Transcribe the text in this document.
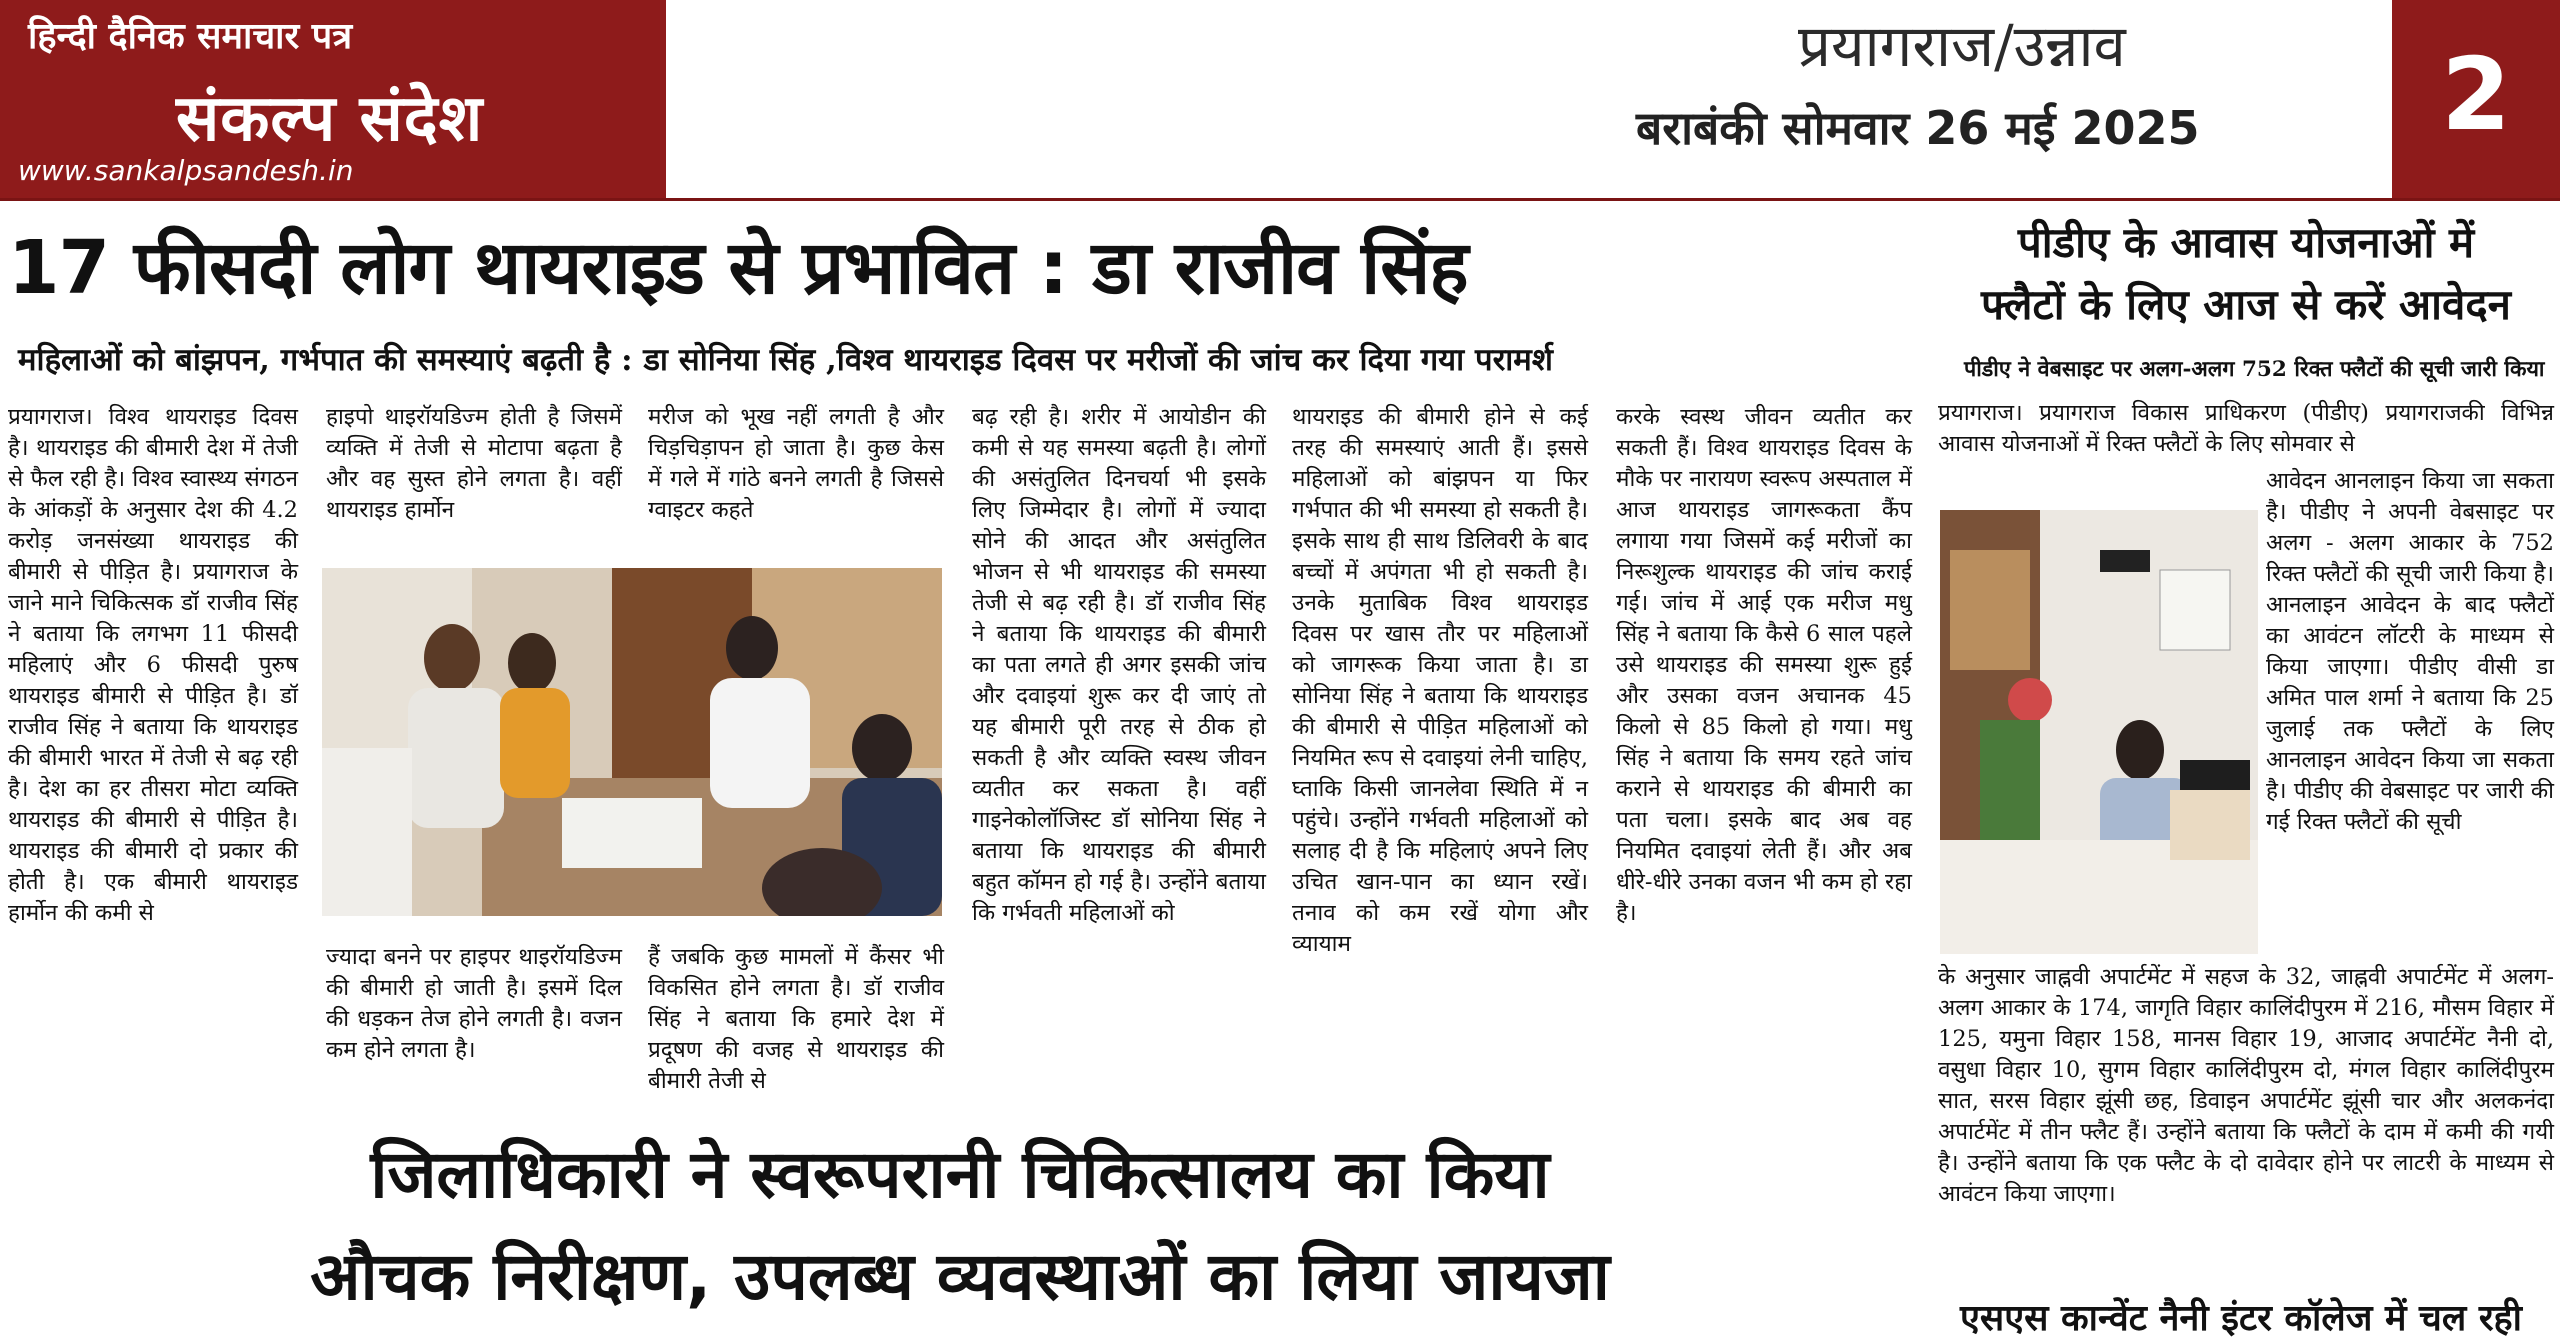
हिन्दी दैनिक समाचार पत्र
संकल्प संदेश
www.sankalpsandesh.in
प्रयागराज/उन्नाव
बराबंकी सोमवार 26 मई 2025	2
17 फीसदी लोग थायराइड से प्रभावित : डा राजीव सिंह
महिलाओं को बांझपन, गर्भपात की समस्याएं बढ़ती है : डा सोनिया सिंह ,विश्व थायराइड दिवस पर मरीजों की जांच कर दिया गया परामर्श
प्रयागराज। विश्व थायराइड दिवस है। थायराइड की बीमारी देश में तेजी से फैल रही है। विश्व स्वास्थ्य संगठन के आंकड़ों के अनुसार देश की 4.2 करोड़ जनसंख्या थायराइड की बीमारी से पीड़ित है। प्रयागराज के जाने माने चिकित्सक डॉ राजीव सिंह ने बताया कि लगभग 11 फीसदी महिलाएं और 6 फीसदी पुरुष थायराइड बीमारी से पीड़ित है। डॉ राजीव सिंह ने बताया कि थायराइड की बीमारी भारत में तेजी से बढ़ रही है। देश का हर तीसरा मोटा व्यक्ति थायराइड की बीमारी से पीड़ित है। थायराइड की बीमारी दो प्रकार की होती है। एक बीमारी थायराइड हार्मोन की कमी से
हाइपो थाइरॉयडिज्म होती है जिसमें व्यक्ति में तेजी से मोटापा बढ़ता है और वह सुस्त होने लगता है। वहीं थायराइड हार्मोन
मरीज को भूख नहीं लगती है और चिड़चिड़ापन हो जाता है। कुछ केस में गले में गांठे बनने लगती है जिससे ग्वाइटर कहते
बढ़ रही है। शरीर में आयोडीन की कमी से यह समस्या बढ़ती है। लोगों की असंतुलित दिनचर्या भी इसके लिए जिम्मेदार है। लोगों में ज्यादा सोने की आदत और असंतुलित भोजन से भी थायराइड की समस्या तेजी से बढ़ रही है। डॉ राजीव सिंह ने बताया कि थायराइड की बीमारी का पता लगते ही अगर इसकी जांच और दवाइयां शुरू कर दी जाएं तो यह बीमारी पूरी तरह से ठीक हो सकती है और व्यक्ति स्वस्थ जीवन व्यतीत कर सकता है। वहीं गाइनेकोलॉजिस्ट डॉ सोनिया सिंह ने बताया कि थायराइड की बीमारी बहुत कॉमन हो गई है। उन्होंने बताया कि गर्भवती महिलाओं को
थायराइड की बीमारी होने से कई तरह की समस्याएं आती हैं। इससे महिलाओं को बांझपन या फिर गर्भपात की भी समस्या हो सकती है। इसके साथ ही साथ डिलिवरी के बाद बच्चों में अपंगता भी हो सकती है। उनके मुताबिक विश्व थायराइड दिवस पर खास तौर पर महिलाओं को जागरूक किया जाता है। डा सोनिया सिंह ने बताया कि थायराइड की बीमारी से पीड़ित महिलाओं को नियमित रूप से दवाइयां लेनी चाहिए, घ्ताकि किसी जानलेवा स्थिति में न पहुंचे। उन्होंने गर्भवती महिलाओं को सलाह दी है कि महिलाएं अपने लिए उचित खान-पान का ध्यान रखें। तनाव को कम रखें योगा और व्यायाम
करके स्वस्थ जीवन व्यतीत कर सकती हैं। विश्व थायराइड दिवस के मौके पर नारायण स्वरूप अस्पताल में आज थायराइड जागरूकता कैंप लगाया गया जिसमें कई मरीजों का निरूशुल्क थायराइड की जांच कराई गई। जांच में आई एक मरीज मधु सिंह ने बताया कि कैसे 6 साल पहले उसे थायराइड की समस्या शुरू हुई और उसका वजन अचानक 45 किलो से 85 किलो हो गया। मधु सिंह ने बताया कि समय रहते जांच कराने से थायराइड की बीमारी का पता चला। इसके बाद अब वह नियमित दवाइयां लेती हैं। और अब धीरे-धीरे उनका वजन भी कम हो रहा है।
ज्यादा बनने पर हाइपर थाइरॉयडिज्म की बीमारी हो जाती है। इसमें दिल की धड़कन तेज होने लगती है। वजन कम होने लगता है।
हैं जबकि कुछ मामलों में कैंसर भी विकसित होने लगता है। डॉ राजीव सिंह ने बताया कि हमारे देश में प्रदूषण की वजह से थायराइड की बीमारी तेजी से
जिलाधिकारी ने स्वरूपरानी चिकित्सालय का किया
औचक निरीक्षण, उपलब्ध व्यवस्थाओं का लिया जायजा
पीडीए के आवास योजनाओं में
फ्लैटों के लिए आज से करें आवेदन
पीडीए ने वेबसाइट पर अलग-अलग 752 रिक्त फ्लैटों की सूची जारी किया
प्रयागराज। प्रयागराज विकास प्राधिकरण (पीडीए) प्रयागराजकी विभिन्न आवास योजनाओं में रिक्त फ्लैटों के लिए सोमवार से
आवेदन आनलाइन किया जा सकता है। पीडीए ने अपनी वेबसाइट पर अलग - अलग आकार के 752 रिक्त फ्लैटों की सूची जारी किया है। आनलाइन आवेदन के बाद फ्लैटों का आवंटन लॉटरी के माध्यम से किया जाएगा। पीडीए वीसी डा अमित पाल शर्मा ने बताया कि 25 जुलाई तक फ्लैटों के लिए आनलाइन आवेदन किया जा सकता है। पीडीए की वेबसाइट पर जारी की गई रिक्त फ्लैटों की सूची
के अनुसार जाह्नवी अपार्टमेंट में सहज के 32, जाह्नवी अपार्टमेंट में अलग-अलग आकार के 174, जागृति विहार कालिंदीपुरम में 216, मौसम विहार में 125, यमुना विहार 158, मानस विहार 19, आजाद अपार्टमेंट नैनी दो, वसुधा विहार 10, सुगम विहार कालिंदीपुरम दो, मंगल विहार कालिंदीपुरम सात, सरस विहार झूंसी छह, डिवाइन अपार्टमेंट झूंसी चार और अलकनंदा अपार्टमेंट में तीन फ्लैट हैं। उन्होंने बताया कि फ्लैटों के दाम में कमी की गयी है। उन्होंने बताया कि एक फ्लैट के दो दावेदार होने पर लाटरी के माध्यम से आवंटन किया जाएगा।
एसएस कान्वेंट नैनी इंटर कॉलेज में चल रही
